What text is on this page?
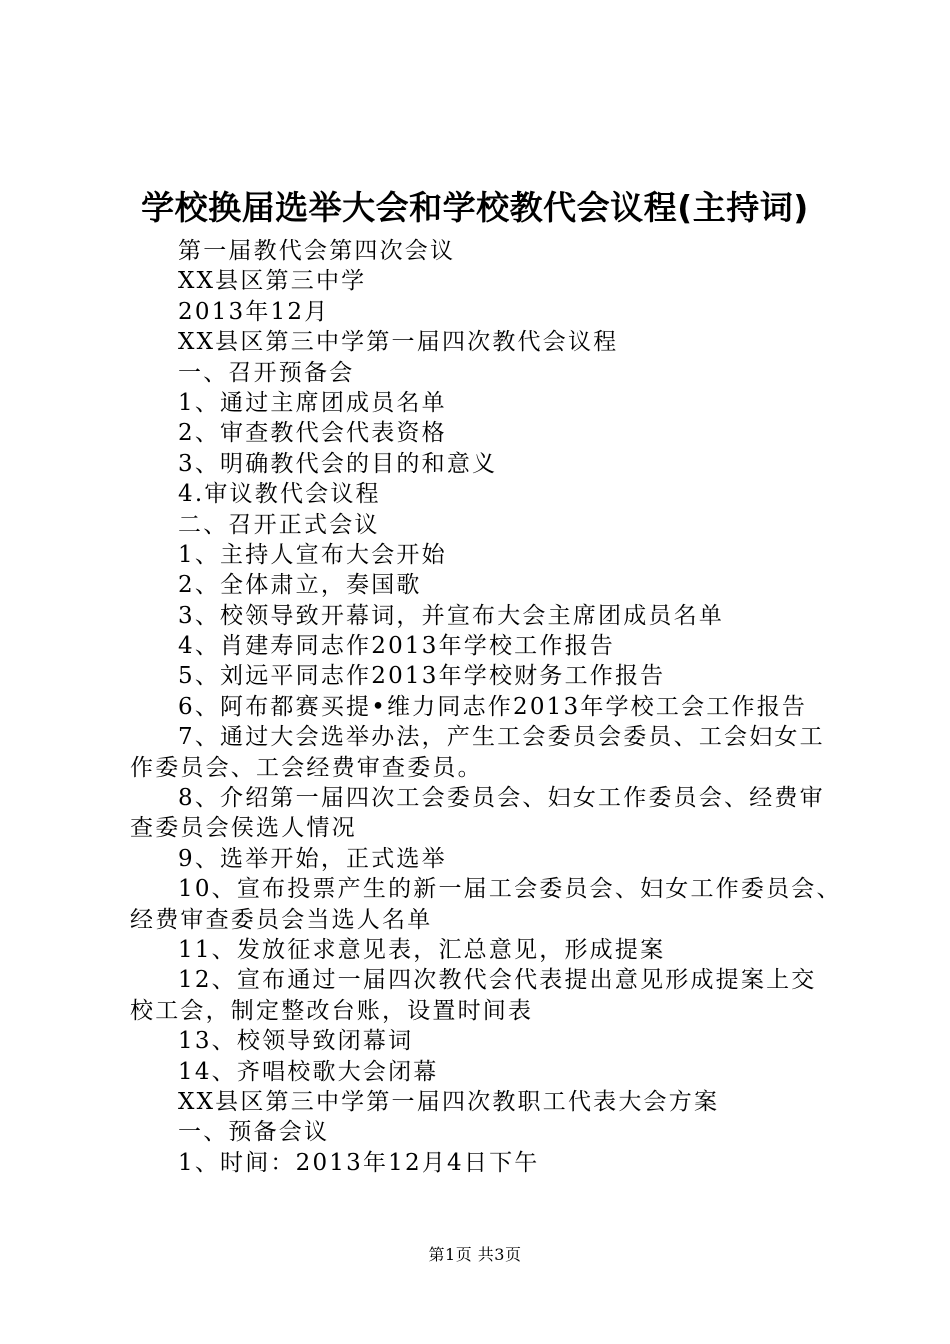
学校换届选举大会和学校教代会议程(主持词)
第一届教代会第四次会议
XX县区第三中学
2013年12月
XX县区第三中学第一届四次教代会议程
一、召开预备会
1、通过主席团成员名单
2、审查教代会代表资格
3、明确教代会的目的和意义
4.审议教代会议程
二、召开正式会议
1、主持人宣布大会开始
2、全体肃立，奏国歌
3、校领导致开幕词，并宣布大会主席团成员名单
4、肖建寿同志作2013年学校工作报告
5、刘远平同志作2013年学校财务工作报告
6、阿布都赛买提•维力同志作2013年学校工会工作报告
7、通过大会选举办法，产生工会委员会委员、工会妇女工
作委员会、工会经费审查委员。
8、介绍第一届四次工会委员会、妇女工作委员会、经费审
查委员会侯选人情况
9、选举开始，正式选举
10、宣布投票产生的新一届工会委员会、妇女工作委员会、
经费审查委员会当选人名单
11、发放征求意见表，汇总意见，形成提案
12、宣布通过一届四次教代会代表提出意见形成提案上交
校工会，制定整改台账，设置时间表
13、校领导致闭幕词
14、齐唱校歌大会闭幕
XX县区第三中学第一届四次教职工代表大会方案
一、预备会议
1、时间：2013年12月4日下午
第1页 共3页
